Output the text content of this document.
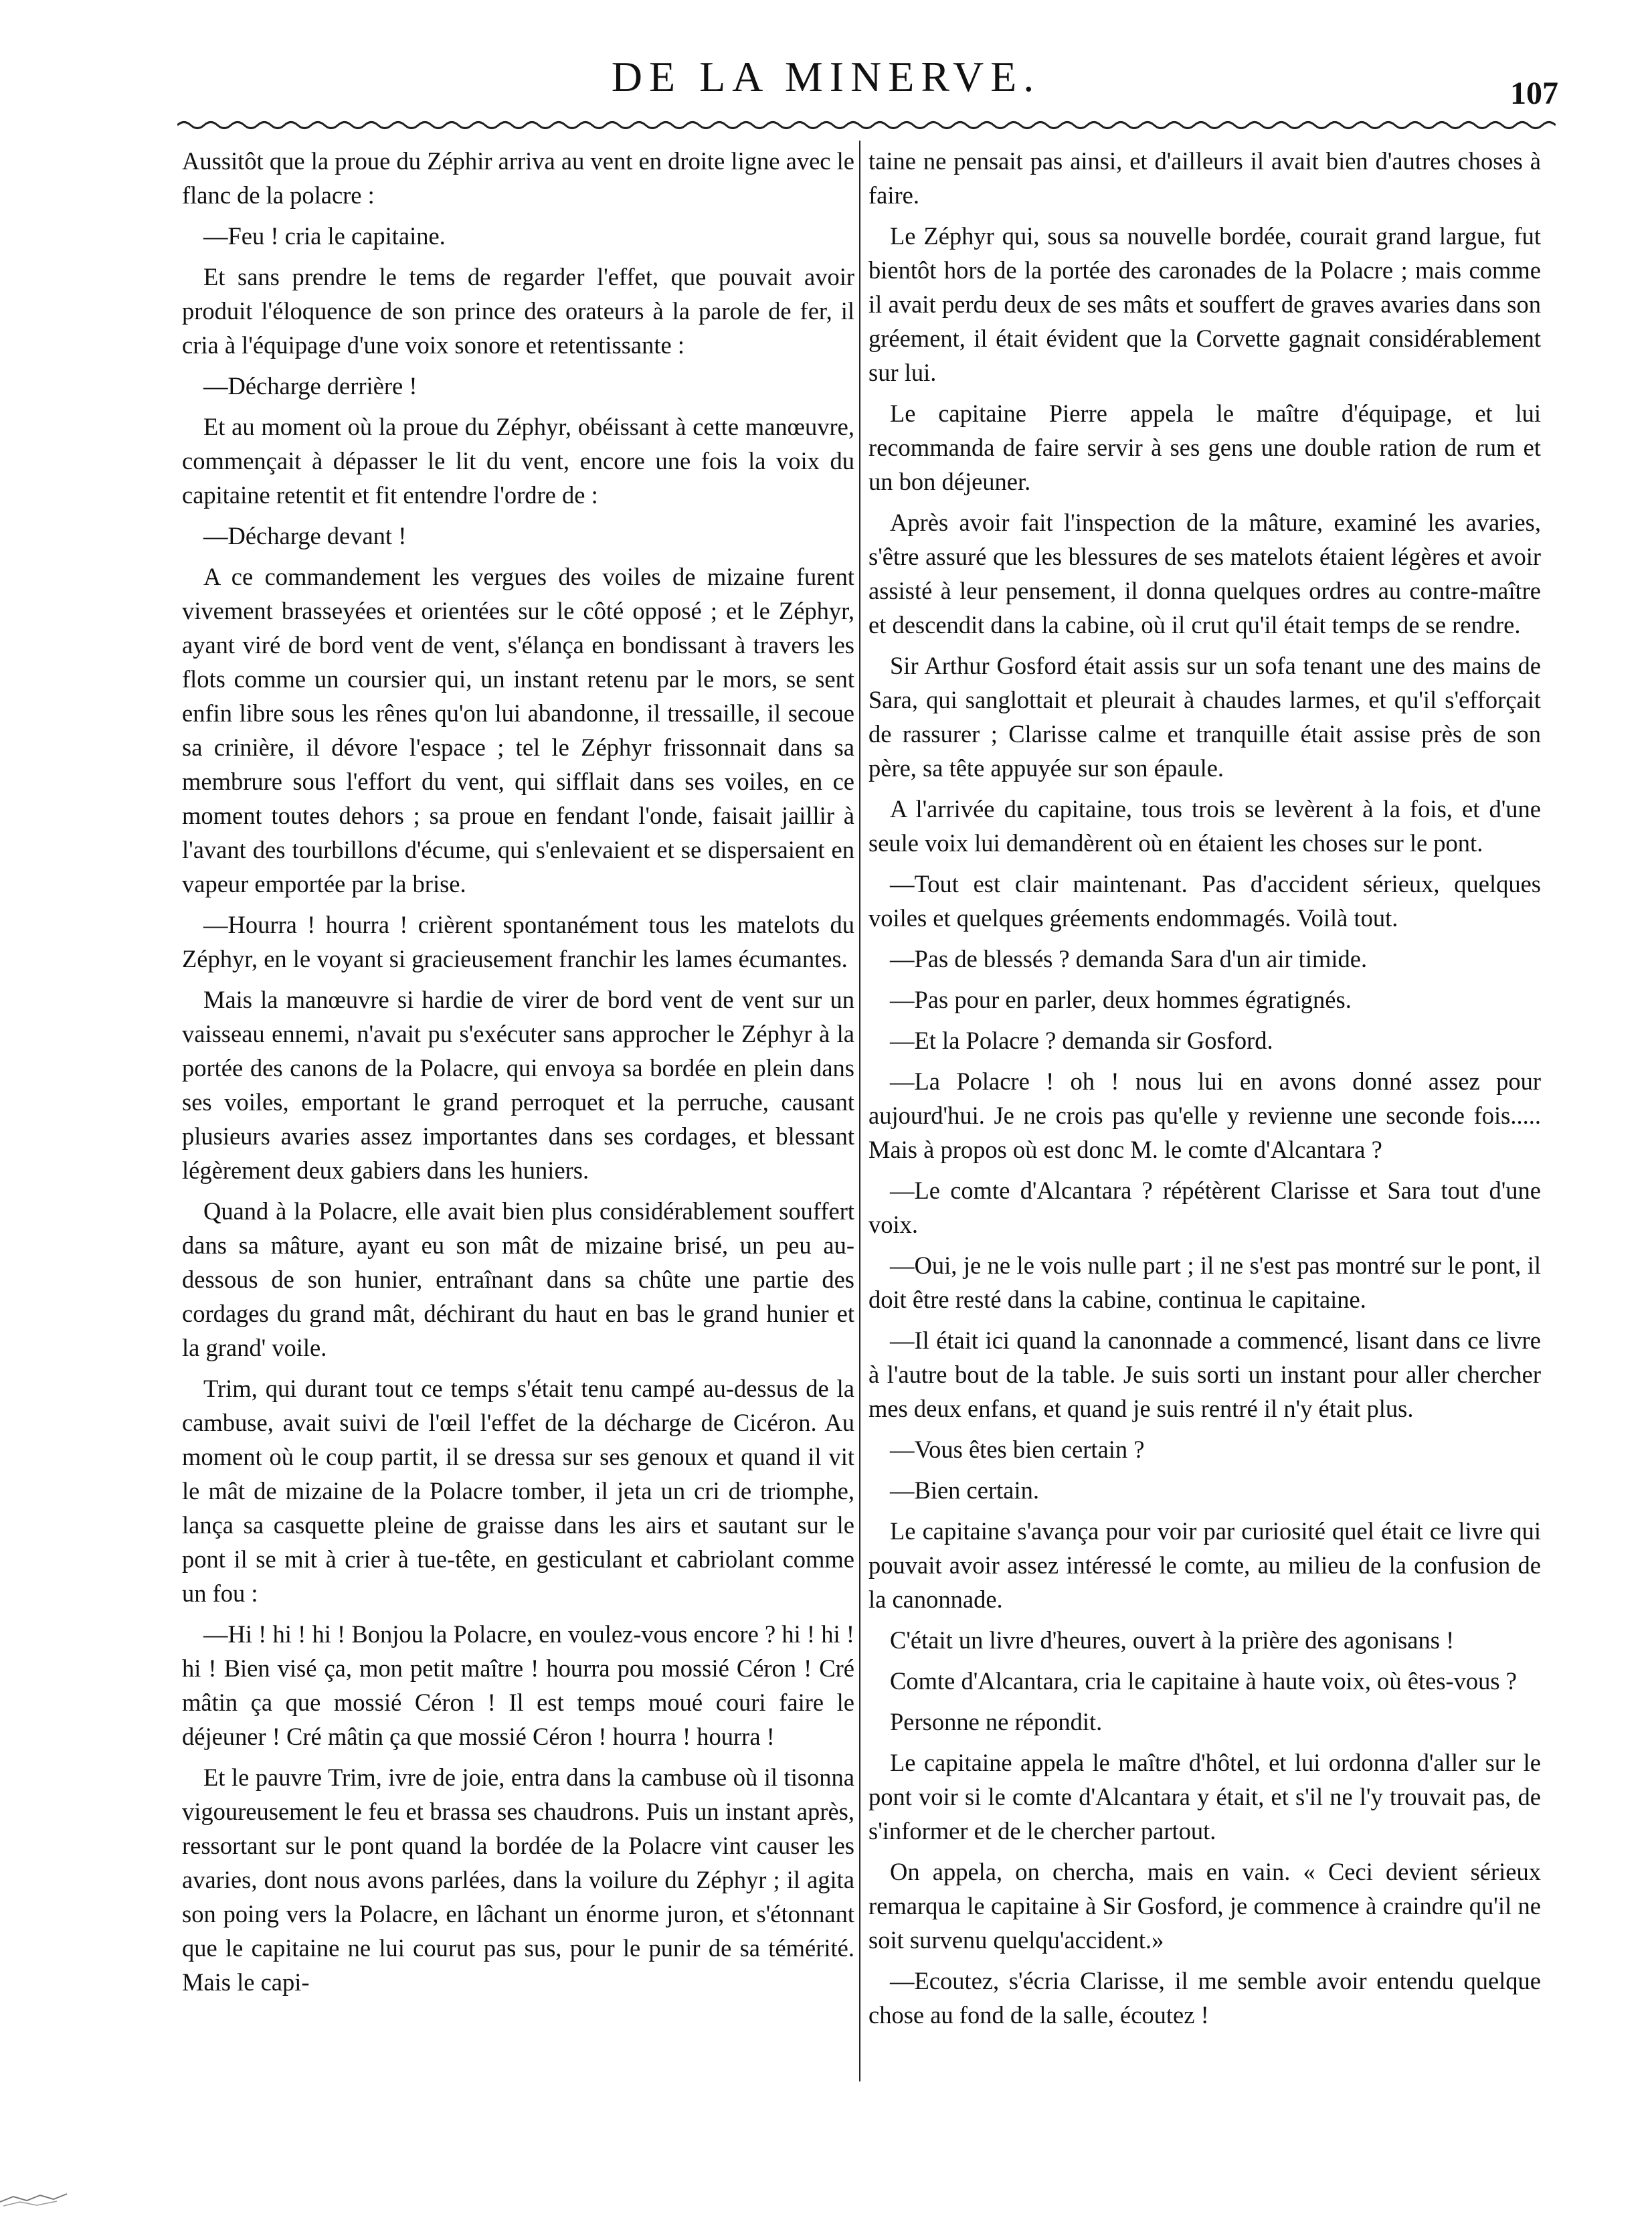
DE LA MINERVE.	107

Aussitôt que la proue du Zéphir arriva au vent en droite ligne avec le flanc de la polacre :

—Feu ! cria le capitaine.

Et sans prendre le tems de regarder l'effet, que pouvait avoir produit l'éloquence de son prince des orateurs à la parole de fer, il cria à l'équipage d'une voix sonore et retentissante :

—Décharge derrière !

Et au moment où la proue du Zéphyr, obéissant à cette manœuvre, commençait à dépasser le lit du vent, encore une fois la voix du capitaine retentit et fit entendre l'ordre de :

—Décharge devant !

A ce commandement les vergues des voiles de mizaine furent vivement brasseyées et orientées sur le côté opposé ; et le Zéphyr, ayant viré de bord vent de vent, s'élança en bondissant à travers les flots comme un coursier qui, un instant retenu par le mors, se sent enfin libre sous les rênes qu'on lui abandonne, il tressaille, il secoue sa crinière, il dévore l'espace ; tel le Zéphyr frissonnait dans sa membrure sous l'effort du vent, qui sifflait dans ses voiles, en ce moment toutes dehors ; sa proue en fendant l'onde, faisait jaillir à l'avant des tourbillons d'écume, qui s'enlevaient et se dispersaient en vapeur emportée par la brise.

—Hourra ! hourra ! crièrent spontanément tous les matelots du Zéphyr, en le voyant si gracieusement franchir les lames écumantes.

Mais la manœuvre si hardie de virer de bord vent de vent sur un vaisseau ennemi, n'avait pu s'exécuter sans approcher le Zéphyr à la portée des canons de la Polacre, qui envoya sa bordée en plein dans ses voiles, emportant le grand perroquet et la perruche, causant plusieurs avaries assez importantes dans ses cordages, et blessant légèrement deux gabiers dans les huniers.

Quand à la Polacre, elle avait bien plus considérablement souffert dans sa mâture, ayant eu son mât de mizaine brisé, un peu au-dessous de son hunier, entraînant dans sa chûte une partie des cordages du grand mât, déchirant du haut en bas le grand hunier et la grand' voile.

Trim, qui durant tout ce temps s'était tenu campé au-dessus de la cambuse, avait suivi de l'œil l'effet de la décharge de Cicéron. Au moment où le coup partit, il se dressa sur ses genoux et quand il vit le mât de mizaine de la Polacre tomber, il jeta un cri de triomphe, lança sa casquette pleine de graisse dans les airs et sautant sur le pont il se mit à crier à tue-tête, en gesticulant et cabriolant comme un fou :

—Hi ! hi ! hi ! Bonjou la Polacre, en voulez-vous encore ? hi ! hi ! hi ! Bien visé ça, mon petit maître ! hourra pou mossié Céron ! Cré mâtin ça que mossié Céron ! Il est temps moué couri faire le déjeuner ! Cré mâtin ça que mossié Céron ! hourra ! hourra !

Et le pauvre Trim, ivre de joie, entra dans la cambuse où il tisonna vigoureusement le feu et brassa ses chaudrons. Puis un instant après, ressortant sur le pont quand la bordée de la Polacre vint causer les avaries, dont nous avons parlées, dans la voilure du Zéphyr ; il agita son poing vers la Polacre, en lâchant un énorme juron, et s'étonnant que le capitaine ne lui courut pas sus, pour le punir de sa témérité. Mais le capi-

taine ne pensait pas ainsi, et d'ailleurs il avait bien d'autres choses à faire.

Le Zéphyr qui, sous sa nouvelle bordée, courait grand largue, fut bientôt hors de la portée des caronades de la Polacre ; mais comme il avait perdu deux de ses mâts et souffert de graves avaries dans son gréement, il était évident que la Corvette gagnait considérablement sur lui.

Le capitaine Pierre appela le maître d'équipage, et lui recommanda de faire servir à ses gens une double ration de rum et un bon déjeuner.

Après avoir fait l'inspection de la mâture, examiné les avaries, s'être assuré que les blessures de ses matelots étaient légères et avoir assisté à leur pensement, il donna quelques ordres au contre-maître et descendit dans la cabine, où il crut qu'il était temps de se rendre.

Sir Arthur Gosford était assis sur un sofa tenant une des mains de Sara, qui sanglottait et pleurait à chaudes larmes, et qu'il s'efforçait de rassurer ; Clarisse calme et tranquille était assise près de son père, sa tête appuyée sur son épaule.

A l'arrivée du capitaine, tous trois se levèrent à la fois, et d'une seule voix lui demandèrent où en étaient les choses sur le pont.

—Tout est clair maintenant. Pas d'accident sérieux, quelques voiles et quelques gréements endommagés. Voilà tout.

—Pas de blessés ? demanda Sara d'un air timide.

—Pas pour en parler, deux hommes égratignés.

—Et la Polacre ? demanda sir Gosford.

—La Polacre ! oh ! nous lui en avons donné assez pour aujourd'hui. Je ne crois pas qu'elle y revienne une seconde fois..... Mais à propos où est donc M. le comte d'Alcantara ?

—Le comte d'Alcantara ? répétèrent Clarisse et Sara tout d'une voix.

—Oui, je ne le vois nulle part ; il ne s'est pas montré sur le pont, il doit être resté dans la cabine, continua le capitaine.

—Il était ici quand la canonnade a commencé, lisant dans ce livre à l'autre bout de la table. Je suis sorti un instant pour aller chercher mes deux enfans, et quand je suis rentré il n'y était plus.

—Vous êtes bien certain ?

—Bien certain.

Le capitaine s'avança pour voir par curiosité quel était ce livre qui pouvait avoir assez intéressé le comte, au milieu de la confusion de la canonnade.

C'était un livre d'heures, ouvert à la prière des agonisans !

Comte d'Alcantara, cria le capitaine à haute voix, où êtes-vous ?

Personne ne répondit.

Le capitaine appela le maître d'hôtel, et lui ordonna d'aller sur le pont voir si le comte d'Alcantara y était, et s'il ne l'y trouvait pas, de s'informer et de le chercher partout.

On appela, on chercha, mais en vain. « Ceci devient sérieux remarqua le capitaine à Sir Gosford, je commence à craindre qu'il ne soit survenu quelqu'accident.»

—Ecoutez, s'écria Clarisse, il me semble avoir entendu quelque chose au fond de la salle, écoutez !
